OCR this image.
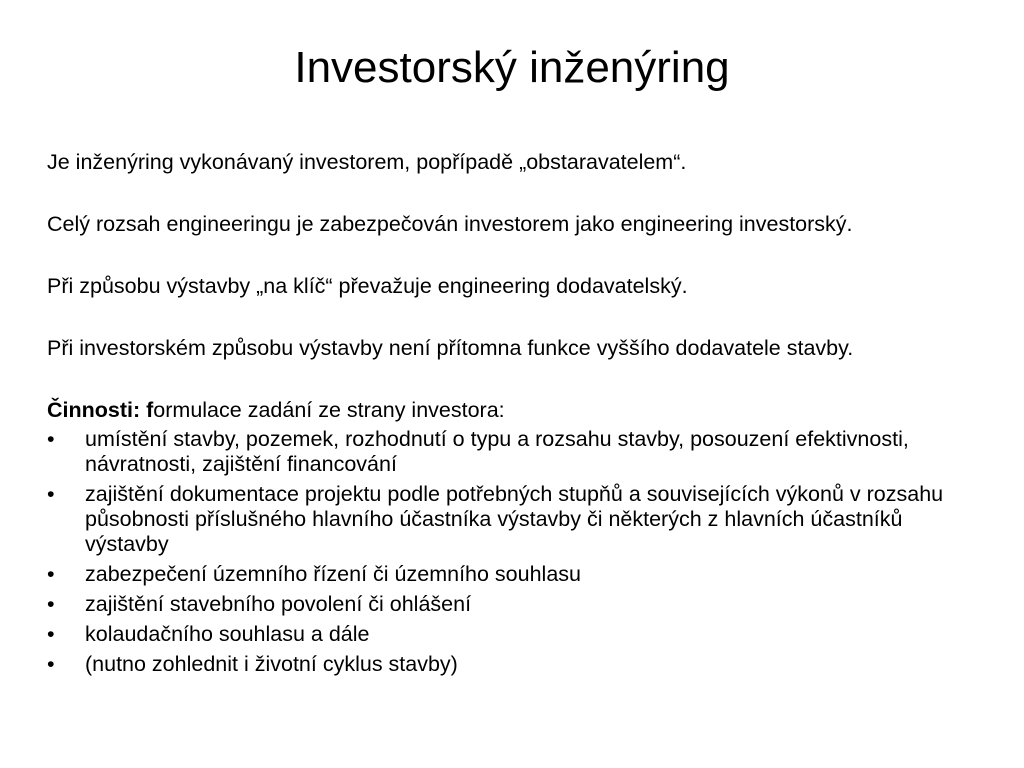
Investorský inženýring

Je inženýring vykonávaný investorem, popřípadě „obstaravatelem“.

Celý rozsah engineeringu je zabezpečován investorem jako engineering investorský.

Při způsobu výstavby „na klíč“ převažuje engineering dodavatelský.

Při investorském způsobu výstavby není přítomna funkce vyššího dodavatele stavby.

Činnosti: formulace zadání ze strany investora:

• umístění stavby, pozemek, rozhodnutí o typu a rozsahu stavby, posouzení efektivnosti, návratnosti, zajištění financování
• zajištění dokumentace projektu podle potřebných stupňů a souvisejících výkonů v rozsahu působnosti příslušného hlavního účastníka výstavby či některých z hlavních účastníků výstavby
• zabezpečení územního řízení či územního souhlasu
• zajištění stavebního povolení či ohlášení
• kolaudačního souhlasu a dále
• (nutno zohlednit i životní cyklus stavby)
